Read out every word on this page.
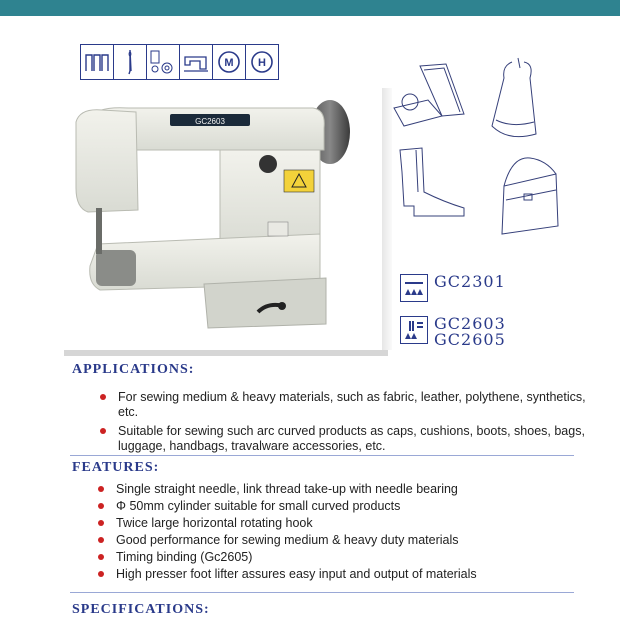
M H
GC2603
GC2301
GC2603
GC2605
APPLICATIONS:
For sewing medium & heavy materials, such as fabric, leather, polythene, synthetics, etc.
Suitable for sewing such arc curved products as caps, cushions, boots, shoes, bags, luggage, handbags, travalware accessories, etc.
FEATURES:
Single straight needle, link thread take-up with needle bearing
Φ 50mm cylinder suitable for small curved products
Twice large horizontal rotating hook
Good performance for sewing medium & heavy duty materials
Timing binding (Gc2605)
High presser foot lifter assures easy input and output of materials
SPECIFICATIONS:
